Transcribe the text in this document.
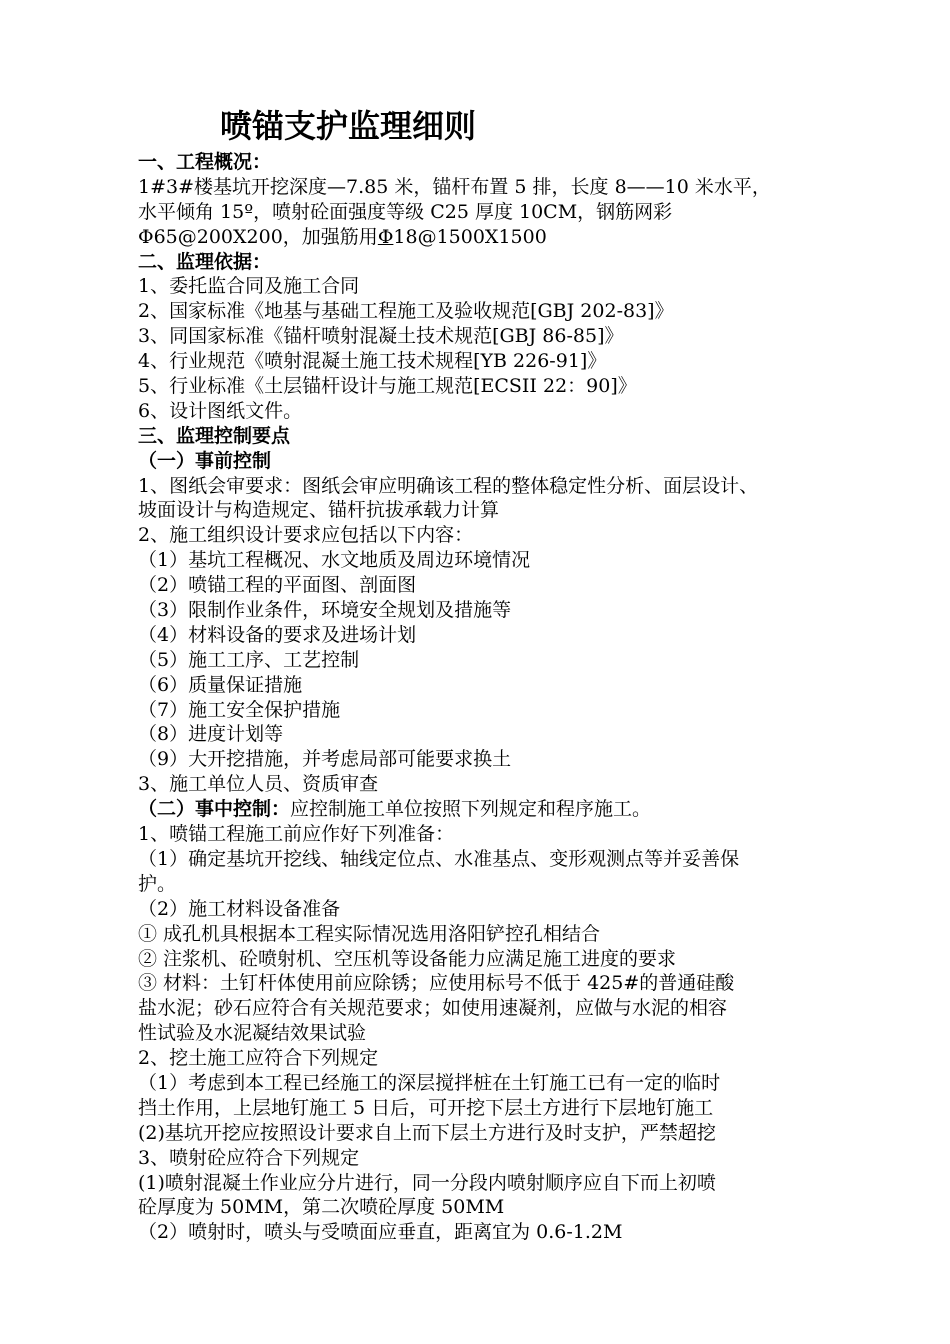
喷锚支护监理细则
一、工程概况：
1#3#楼基坑开挖深度—7.85 米，锚杆布置 5 排，长度 8——10 米水平，
水平倾角 15º，喷射砼面强度等级 C25 厚度 10CM，钢筋网彩
Φ65@200X200，加强筋用Φ18@1500X1500
二、监理依据：
1、委托监合同及施工合同
2、国家标准《地基与基础工程施工及验收规范[GBJ 202-83]》
3、同国家标准《锚杆喷射混凝土技术规范[GBJ 86-85]》
4、行业规范《喷射混凝土施工技术规程[YB 226-91]》
5、行业标准《土层锚杆设计与施工规范[ECSII 22：90]》
6、设计图纸文件。
三、监理控制要点
（一）事前控制
1、图纸会审要求：图纸会审应明确该工程的整体稳定性分析、面层设计、
坡面设计与构造规定、锚杆抗拔承载力计算
2、施工组织设计要求应包括以下内容：
（1）基坑工程概况、水文地质及周边环境情况
（2）喷锚工程的平面图、剖面图
（3）限制作业条件，环境安全规划及措施等
（4）材料设备的要求及进场计划
（5）施工工序、工艺控制
（6）质量保证措施
（7）施工安全保护措施
（8）进度计划等
（9）大开挖措施，并考虑局部可能要求换土
3、施工单位人员、资质审查
（二）事中控制：应控制施工单位按照下列规定和程序施工。
1、喷锚工程施工前应作好下列准备：
（1）确定基坑开挖线、轴线定位点、水准基点、变形观测点等并妥善保
护。
（2）施工材料设备准备
① 成孔机具根据本工程实际情况选用洛阳铲控孔相结合
② 注浆机、砼喷射机、空压机等设备能力应满足施工进度的要求
③ 材料：土钉杆体使用前应除锈；应使用标号不低于 425#的普通硅酸
盐水泥；砂石应符合有关规范要求；如使用速凝剂，应做与水泥的相容
性试验及水泥凝结效果试验
2、挖土施工应符合下列规定
（1）考虑到本工程已经施工的深层搅拌桩在土钉施工已有一定的临时
挡土作用，上层地钉施工 5 日后，可开挖下层土方进行下层地钉施工
(2)基坑开挖应按照设计要求自上而下层土方进行及时支护，严禁超挖
3、喷射砼应符合下列规定
(1)喷射混凝土作业应分片进行，同一分段内喷射顺序应自下而上初喷
砼厚度为 50MM，第二次喷砼厚度 50MM
（2）喷射时，喷头与受喷面应垂直，距离宜为 0.6-1.2M
